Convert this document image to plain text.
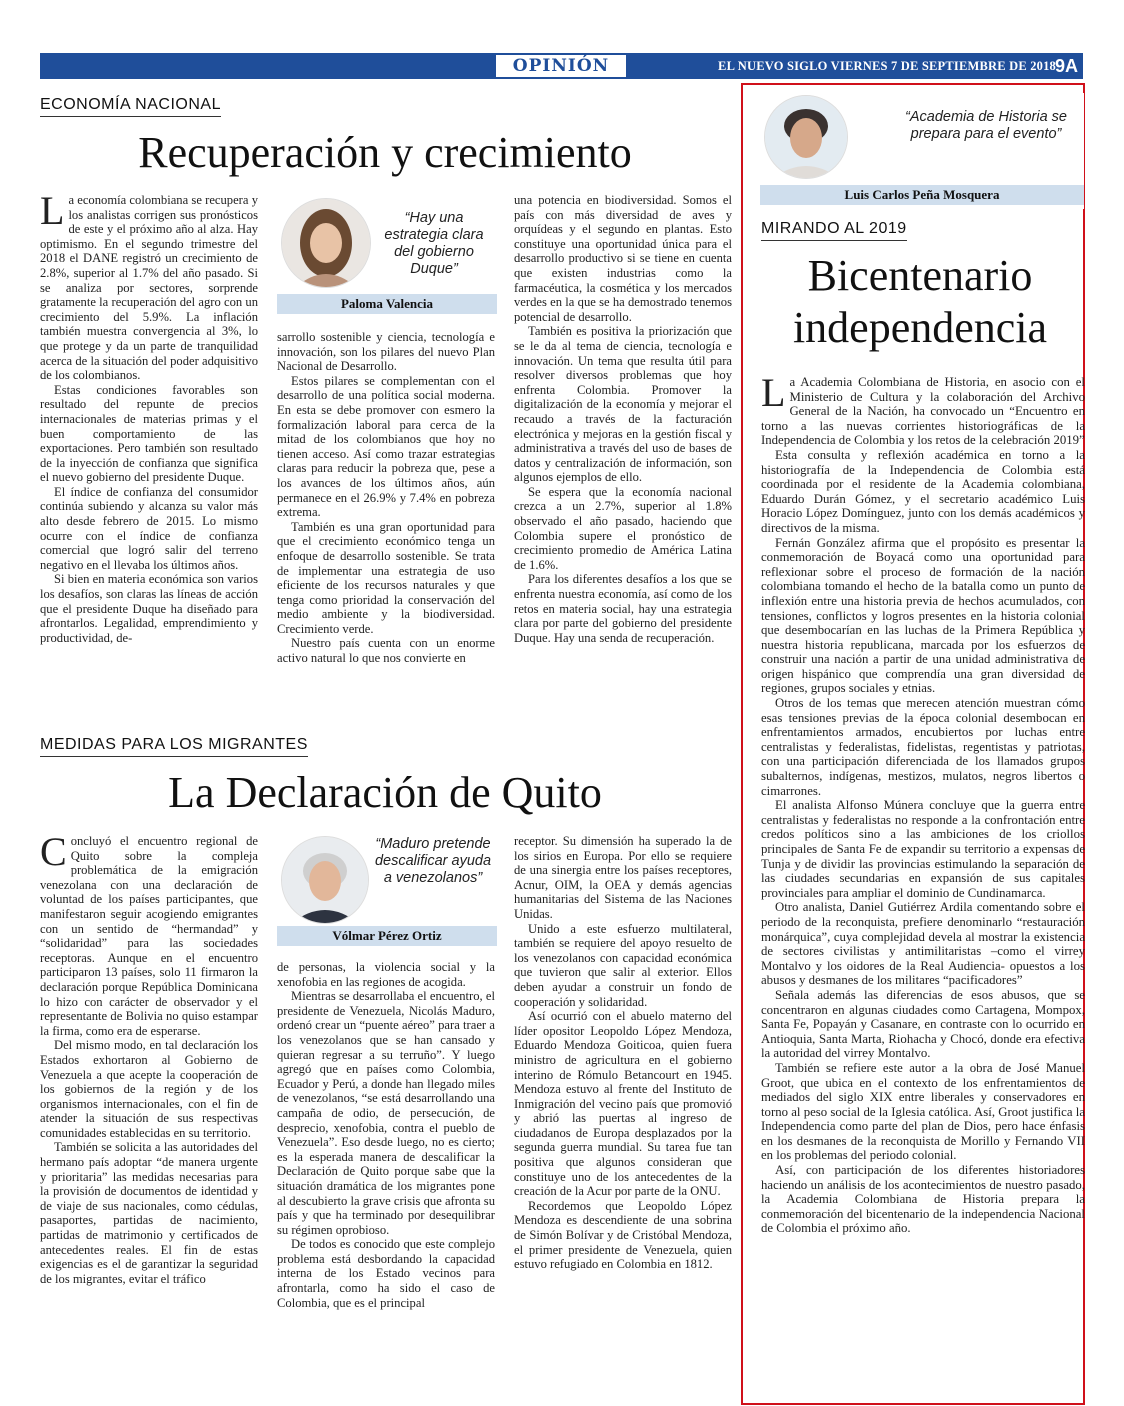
OPINIÓN	EL NUEVO SIGLO VIERNES 7 DE SEPTIEMBRE DE 2018
9A
ECONOMÍA NACIONAL
Recuperación y crecimiento

La economía colombiana se recupera y los analistas corrigen sus pronósticos de este y el próximo año al alza. Hay optimismo. En el segundo trimestre del 2018 el DANE registró un crecimiento de 2.8%, superior al 1.7% del año pasado. Si se analiza por sectores, sorprende gratamente la recuperación del agro con un crecimiento del 5.9%. La inflación también muestra convergencia al 3%, lo que protege y da un parte de tranquilidad acerca de la situación del poder adquisitivo de los colombianos.

Estas condiciones favorables son resultado del repunte de precios internacionales de materias primas y el buen comportamiento de las exportaciones. Pero también son resultado de la inyección de confianza que significa el nuevo gobierno del presidente Duque.

El índice de confianza del consumidor continúa subiendo y alcanza su valor más alto desde febrero de 2015. Lo mismo ocurre con el índice de confianza comercial que logró salir del terreno negativo en el llevaba los últimos años.

Si bien en materia económica son varios los desafíos, son claras las líneas de acción que el presidente Duque ha diseñado para afrontarlos. Legalidad, emprendimiento y productividad, de-

“Hay una estrategia clara del gobierno Duque”
Paloma Valencia

sarrollo sostenible y ciencia, tecnología e innovación, son los pilares del nuevo Plan Nacional de Desarrollo.

Estos pilares se complementan con el desarrollo de una política social moderna. En esta se debe promover con esmero la formalización laboral para cerca de la mitad de los colombianos que hoy no tienen acceso. Así como trazar estrategias claras para reducir la pobreza que, pese a los avances de los últimos años, aún permanece en el 26.9% y 7.4% en pobreza extrema.

También es una gran oportunidad para que el crecimiento económico tenga un enfoque de desarrollo sostenible. Se trata de implementar una estrategia de uso eficiente de los recursos naturales y que tenga como prioridad la conservación del medio ambiente y la biodiversidad. Crecimiento verde.

Nuestro país cuenta con un enorme activo natural lo que nos convierte en

una potencia en biodiversidad. Somos el país con más diversidad de aves y orquídeas y el segundo en plantas. Esto constituye una oportunidad única para el desarrollo productivo si se tiene en cuenta que existen industrias como la farmacéutica, la cosmética y los mercados verdes en la que se ha demostrado tenemos potencial de desarrollo.

También es positiva la priorización que se le da al tema de ciencia, tecnología e innovación. Un tema que resulta útil para resolver diversos problemas que hoy enfrenta Colombia. Promover la digitalización de la economía y mejorar el recaudo a través de la facturación electrónica y mejoras en la gestión fiscal y administrativa a través del uso de bases de datos y centralización de información, son algunos ejemplos de ello.

Se espera que la economía nacional crezca a un 2.7%, superior al 1.8% observado el año pasado, haciendo que Colombia supere el pronóstico de crecimiento promedio de América Latina de 1.6%.

Para los diferentes desafíos a los que se enfrenta nuestra economía, así como de los retos en materia social, hay una estrategia clara por parte del gobierno del presidente Duque. Hay una senda de recuperación.

MEDIDAS PARA LOS MIGRANTES
La Declaración de Quito

Concluyó el encuentro regional de Quito sobre la compleja problemática de la emigración venezolana con una declaración de voluntad de los países participantes, que manifestaron seguir acogiendo emigrantes con un sentido de “hermandad” y “solidaridad” para las sociedades receptoras. Aunque en el encuentro participaron 13 países, solo 11 firmaron la declaración porque República Dominicana lo hizo con carácter de observador y el representante de Bolivia no quiso estampar la firma, como era de esperarse.

Del mismo modo, en tal declaración los Estados exhortaron al Gobierno de Venezuela a que acepte la cooperación de los gobiernos de la región y de los organismos internacionales, con el fin de atender la situación de sus respectivas comunidades establecidas en su territorio.

También se solicita a las autoridades del hermano país adoptar “de manera urgente y prioritaria” las medidas necesarias para la provisión de documentos de identidad y de viaje de sus nacionales, como cédulas, pasaportes, partidas de nacimiento, partidas de matrimonio y certificados de antecedentes reales. El fin de estas exigencias es el de garantizar la seguridad de los migrantes, evitar el tráfico

“Maduro pretende descalificar ayuda a venezolanos”
Vólmar Pérez Ortiz

de personas, la violencia social y la xenofobia en las regiones de acogida.

Mientras se desarrollaba el encuentro, el presidente de Venezuela, Nicolás Maduro, ordenó crear un “puente aéreo” para traer a los venezolanos que se han cansado y quieran regresar a su terruño”. Y luego agregó que en países como Colombia, Ecuador y Perú, a donde han llegado miles de venezolanos, “se está desarrollando una campaña de odio, de persecución, de desprecio, xenofobia, contra el pueblo de Venezuela”. Eso desde luego, no es cierto; es la esperada manera de descalificar la Declaración de Quito porque sabe que la situación dramática de los migrantes pone al descubierto la grave crisis que afronta su país y que ha terminado por desequilibrar su régimen oprobioso.

De todos es conocido que este complejo problema está desbordando la capacidad interna de los Estado vecinos para afrontarla, como ha sido el caso de Colombia, que es el principal

receptor. Su dimensión ha superado la de los sirios en Europa. Por ello se requiere de una sinergia entre los países receptores, Acnur, OIM, la OEA y demás agencias humanitarias del Sistema de las Naciones Unidas.

Unido a este esfuerzo multilateral, también se requiere del apoyo resuelto de los venezolanos con capacidad económica que tuvieron que salir al exterior. Ellos deben ayudar a construir un fondo de cooperación y solidaridad.

Así ocurrió con el abuelo materno del líder opositor Leopoldo López Mendoza, Eduardo Mendoza Goiticoa, quien fuera ministro de agricultura en el gobierno interino de Rómulo Betancourt en 1945. Mendoza estuvo al frente del Instituto de Inmigración del vecino país que promovió y abrió las puertas al ingreso de ciudadanos de Europa desplazados por la segunda guerra mundial. Su tarea fue tan positiva que algunos consideran que constituye uno de los antecedentes de la creación de la Acur por parte de la ONU.

Recordemos que Leopoldo López Mendoza es descendiente de una sobrina de Simón Bolívar y de Cristóbal Mendoza, el primer presidente de Venezuela, quien estuvo refugiado en Colombia en 1812.

“Academia de Historia se prepara para el evento”
Luis Carlos Peña Mosquera
MIRANDO AL 2019
Bicentenario
independencia

La Academia Colombiana de Historia, en asocio con el Ministerio de Cultura y la colaboración del Archivo General de la Nación, ha convocado un “Encuentro en torno a las nuevas corrientes historiográficas de la Independencia de Colombia y los retos de la celebración 2019”

Esta consulta y reflexión académica en torno a la historiografía de la Independencia de Colombia está coordinada por el residente de la Academia colombiana, Eduardo Durán Gómez, y el secretario académico Luis Horacio López Domínguez, junto con los demás académicos y directivos de la misma.

Fernán González afirma que el propósito es presentar la conmemoración de Boyacá como una oportunidad para reflexionar sobre el proceso de formación de la nación colombiana tomando el hecho de la batalla como un punto de inflexión entre una historia previa de hechos acumulados, con tensiones, conflictos y logros presentes en la historia colonial que desembocarían en las luchas de la Primera República y nuestra historia republicana, marcada por los esfuerzos de construir una nación a partir de una unidad administrativa de origen hispánico que comprendía una gran diversidad de regiones, grupos sociales y etnias.

Otros de los temas que merecen atención muestran cómo esas tensiones previas de la época colonial desembocan en enfrentamientos armados, encubiertos por luchas entre centralistas y federalistas, fidelistas, regentistas y patriotas, con una participación diferenciada de los llamados grupos subalternos, indígenas, mestizos, mulatos, negros libertos o cimarrones.

El analista Alfonso Múnera concluye que la guerra entre centralistas y federalistas no responde a la confrontación entre credos políticos sino a las ambiciones de los criollos principales de Santa Fe de expandir su territorio a expensas de Tunja y de dividir las provincias estimulando la separación de las ciudades secundarias en expansión de sus capitales provinciales para ampliar el dominio de Cundinamarca.

Otro analista, Daniel Gutiérrez Ardila comentando sobre el periodo de la reconquista, prefiere denominarlo “restauración monárquica”, cuya complejidad devela al mostrar la existencia de sectores civilistas y antimilitaristas –como el virrey Montalvo y los oidores de la Real Audiencia- opuestos a los abusos y desmanes de los militares “pacificadores”

Señala además las diferencias de esos abusos, que se concentraron en algunas ciudades como Cartagena, Mompox, Santa Fe, Popayán y Casanare, en contraste con lo ocurrido en Antioquia, Santa Marta, Riohacha y Chocó, donde era efectiva la autoridad del virrey Montalvo.

También se refiere este autor a la obra de José Manuel Groot, que ubica en el contexto de los enfrentamientos de mediados del siglo XIX entre liberales y conservadores en torno al peso social de la Iglesia católica. Así, Groot justifica la Independencia como parte del plan de Dios, pero hace énfasis en los desmanes de la reconquista de Morillo y Fernando VII en los problemas del periodo colonial.

Así, con participación de los diferentes historiadores haciendo un análisis de los acontecimientos de nuestro pasado, la Academia Colombiana de Historia prepara la conmemoración del bicentenario de la independencia Nacional de Colombia el próximo año.
